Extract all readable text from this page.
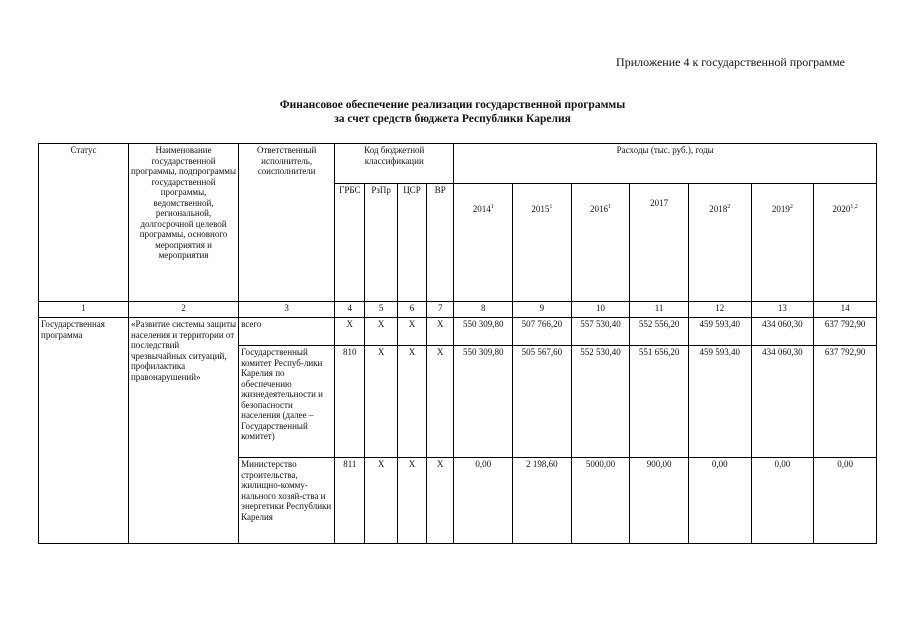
Приложение 4 к государственной программе
Финансовое обеспечение реализации государственной программы
за счет средств бюджета Республики Карелия
Статус	Наименование государственной программы, подпрограммы государственной программы, ведомственной, региональной, долгосрочной целевой программы, основного мероприятия и мероприятия	Ответственный исполнитель, соисполнители	Код бюджетной классификации				Расходы (тыс. руб.), годы						
			ГРБС	РзПр	ЦСР	ВР	2014$^1$	2015$^1$	2016$^1$	2017	2018$^2$	2019$^2$	2020$^{1,2}$
1	2	3	4	5	6	7	8	9	10	11	12	13	14
Государственная программа	«Развитие системы защиты населения и территории от последствий чрезвычайных ситуаций, профилактика правонарушений»	всего	X	X	X	X	550 309,80	507 766,20	557 530,40	552 556,20	459 593,40	434 060,30	637 792,90
		Государственный комитет Респуб-лики Карелия по обеспечению жизнедеятельности и безопасности населения (далее – Государственный комитет)	810	X	X	X	550 309,80	505 567,60	552 530,40	551 656,20	459 593,40	434 060,30	637 792,90
		Министерство строительства, жилищно-комму-нального хозяй-ства и энергетики Республики Карелия	811	X	X	X	0,00	2 198,60	5000,00	900,00	0,00	0,00	0,00
